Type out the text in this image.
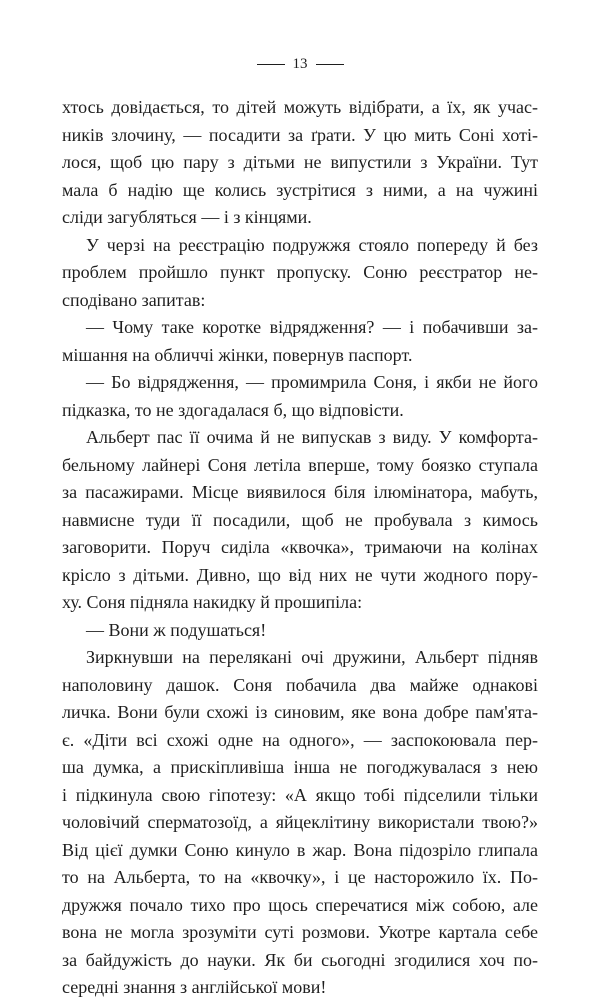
13

хтось довідається, то дітей можуть відібрати, а їх, як учас-

ників злочину, — посадити за ґрати. У цю мить Соні хотi-

лося, щоб цю пару з дітьми не випустили з України. Тут

мала б надію ще колись зустрітися з ними, а на чужині

сліди загубляться — і з кінцями.

У черзі на реєстрацію подружжя стояло попереду й без

проблем пройшло пункт пропуску. Соню реєстратор не-

сподівано запитав:

— Чому таке коротке відрядження? — і побачивши за-

мішання на обличчі жінки, повернув паспорт.

— Бо відрядження, — промимрила Соня, і якби не його

підказка, то не здогадалася б, що відповісти.

Альберт пас її очима й не випускав з виду. У комфорта-

бельному лайнері Соня летіла вперше, тому боязко ступала

за пасажирами. Місце виявилося біля ілюмінатора, мабуть,

навмисне туди її посадили, щоб не пробувала з кимось

заговорити. Поруч сиділа «квочка», тримаючи на колінах

крісло з дітьми. Дивно, що від них не чути жодного пору-

ху. Соня підняла накидку й прошипіла:

— Вони ж подушаться!

Зиркнувши на перелякані очі дружини, Альберт підняв

наполовину дашок. Соня побачила два майже однакові

личка. Вони були схожі із синовим, яке вона добре пам'ята-

є. «Діти всі схожі одне на одного», — заспокоювала пер-

ша думка, а прискіпливіша інша не погоджувалася з нею

і підкинула свою гіпотезу: «А якщо тобі підселили тільки

чоловічий сперматозоїд, а яйцеклітину використали твою?»

Від цієї думки Соню кинуло в жар. Вона підозріло глипала

то на Альберта, то на «квочку», і це насторожило їх. По-

дружжя почало тихо про щось сперечатися між собою, але

вона не могла зрозуміти суті розмови. Укотре картала себе

за байдужість до науки. Як би сьогодні згодилися хоч по-

середні знання з англійської мови!
